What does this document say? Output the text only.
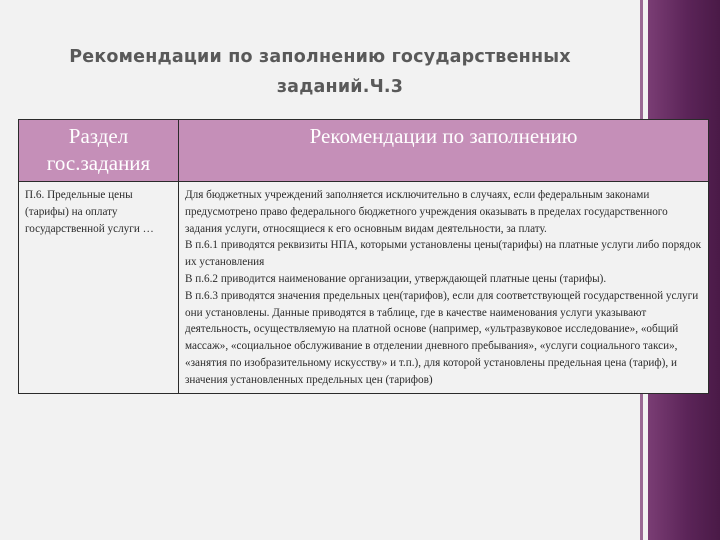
Рекомендации по заполнению государственных
заданий.Ч.3
Раздел гос.задания	Рекомендации по заполнению
П.6. Предельные цены (тарифы) на оплату государственной услуги …	Для бюджетных учреждений заполняется исключительно в случаях, если федеральным законами предусмотрено право федерального бюджетного учреждения оказывать в пределах государственного задания услуги, относящиеся к его основным видам деятельности, за плату.

В п.6.1 приводятся реквизиты НПА, которыми установлены цены(тарифы) на платные услуги либо порядок их установления

В п.6.2 приводится наименование организации, утверждающей платные цены (тарифы).

В п.6.3 приводятся значения предельных цен(тарифов), если для соответствующей государственной услуги они установлены. Данные приводятся в таблице, где в качестве наименования услуги указывают деятельность, осуществляемую на платной основе (например, «ультразвуковое исследование», «общий массаж», «социальное обслуживание в отделении дневного пребывания», «услуги социального такси», «занятия по изобразительному искусству» и т.п.), для которой установлены предельная цена (тариф), и значения установленных предельных цен (тарифов)
